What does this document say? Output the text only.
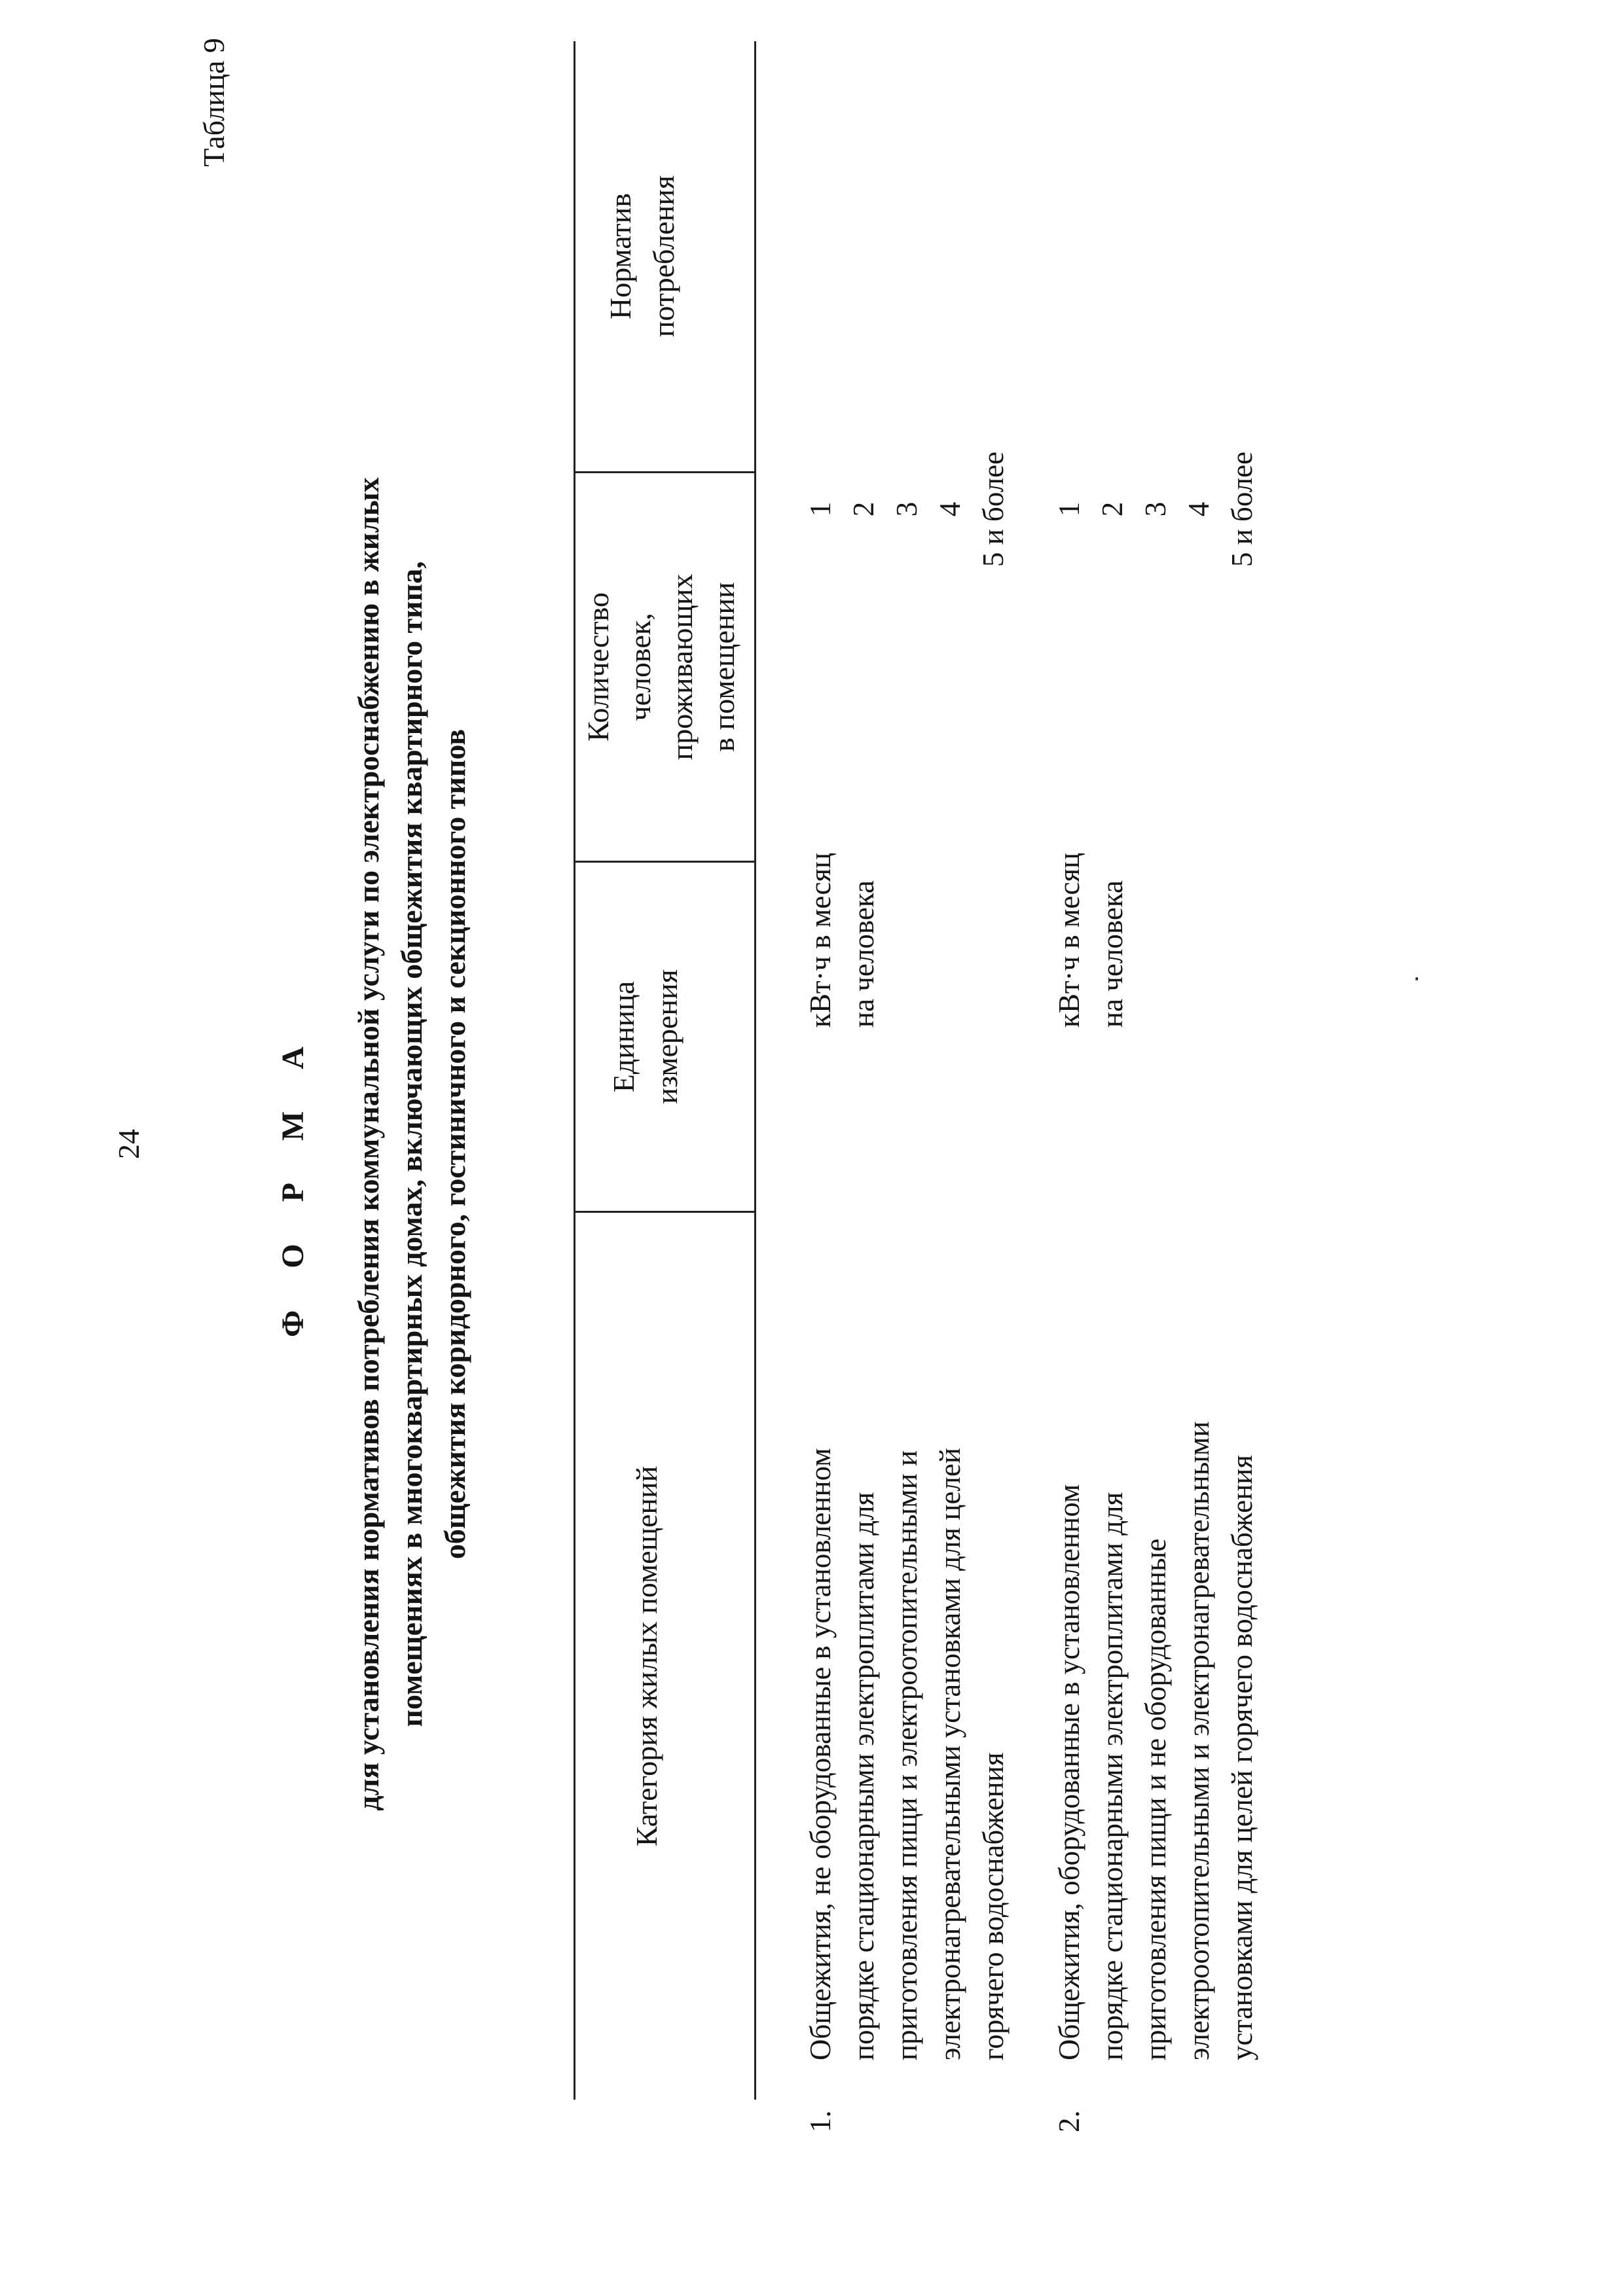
24
Таблица 9
Ф О Р М А для установления нормативов потребления коммунальной услуги по электроснабжению в жилых помещениях в многоквартирных домах, включающих общежития квартирного типа, общежития коридорного, гостиничного и секционного типов
Категория жилых помещений
Единица измерения
Количество человек, проживающих в помещении
Норматив потребления
1.
Общежития, не оборудованные в установленном порядке стационарными электроплитами для приготовления пищи и электроотопительными и электронагревательными установками для целей горячего водоснабжения
кВт·ч в месяц на человека
1 2 3 4 5 и более
2.
Общежития, оборудованные в установленном порядке стационарными электроплитами для приготовления пищи и не оборудованные электроотопительными и электронагревательными установками для целей горячего водоснабжения
кВт·ч в месяц на человека
1 2 3 4 5 и более
